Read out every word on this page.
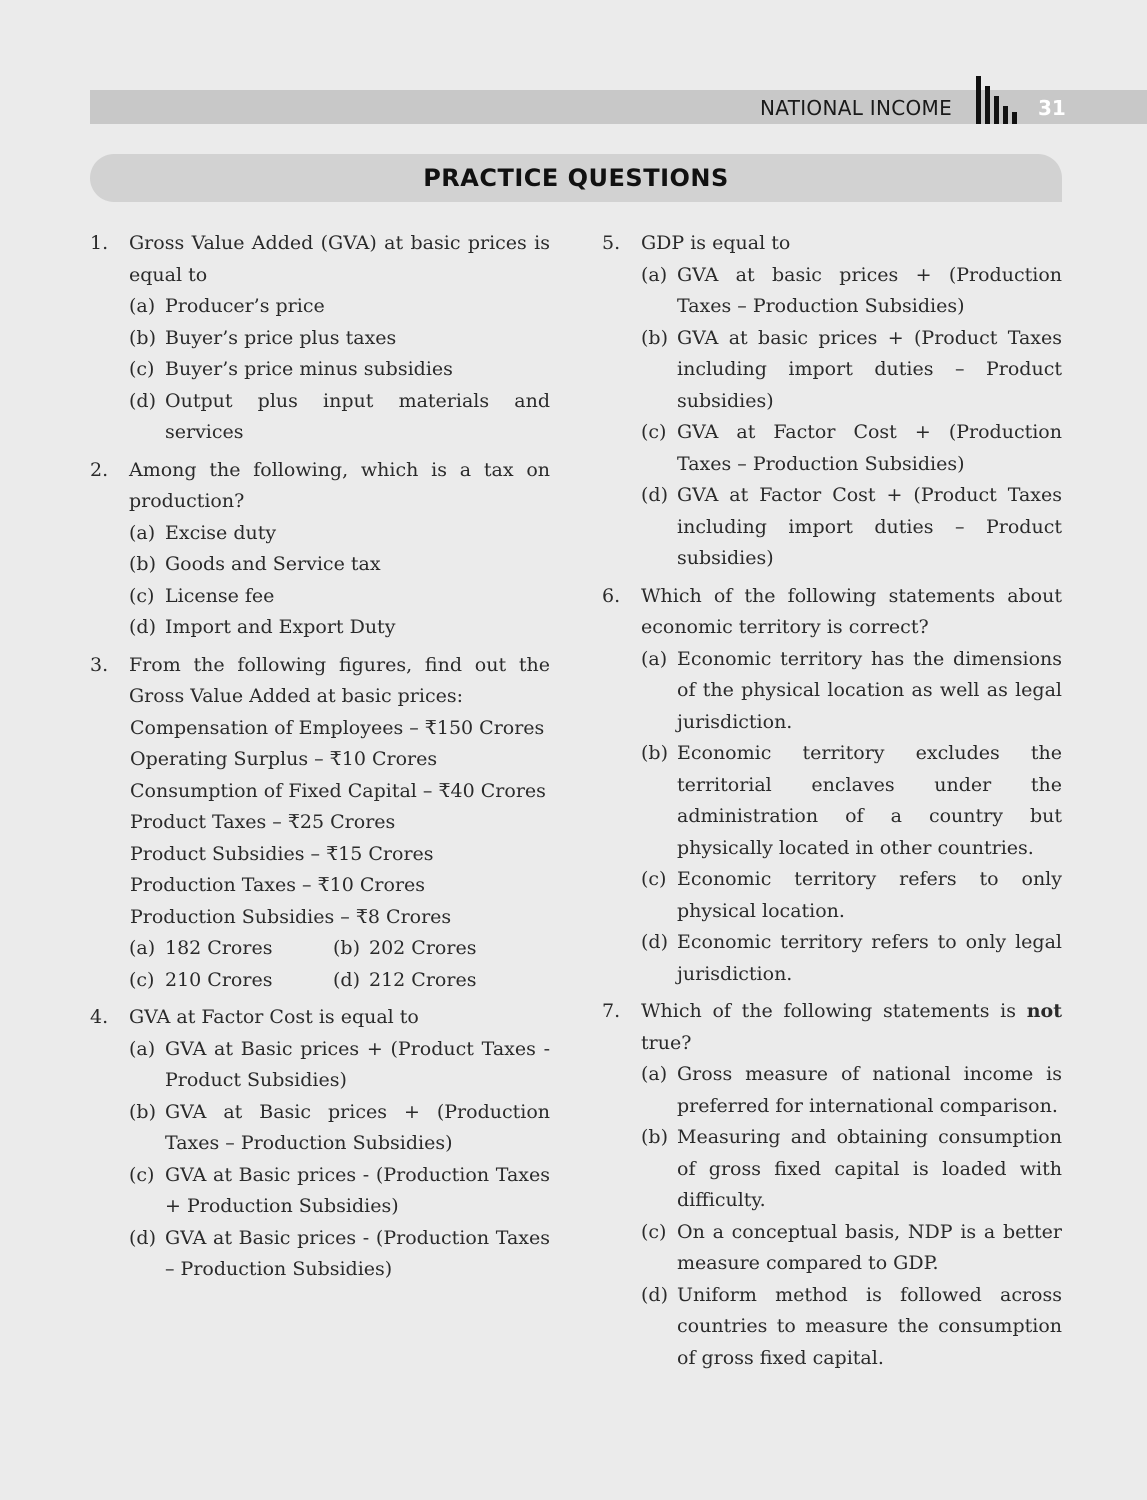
NATIONAL INCOME	31
PRACTICE QUESTIONS
1.	Gross Value Added (GVA) at basic prices is equal to
(a) Producer’s price
(b) Buyer’s price plus taxes
(c) Buyer’s price minus subsidies
(d) Output plus input materials and services
2.	Among the following, which is a tax on production?
(a) Excise duty
(b) Goods and Service tax
(c) License fee
(d) Import and Export Duty
3.	From the following figures, find out the Gross Value Added at basic prices:
Compensation of Employees – ₹150 Crores
Operating Surplus – ₹10 Crores
Consumption of Fixed Capital – ₹40 Crores
Product Taxes – ₹25 Crores
Product Subsidies – ₹15 Crores
Production Taxes – ₹10 Crores
Production Subsidies – ₹8 Crores
(a) 182 Crores	(b) 202 Crores
(c) 210 Crores	(d) 212 Crores
4.	GVA at Factor Cost is equal to
(a) GVA at Basic prices + (Product Taxes - Product Subsidies)
(b) GVA at Basic prices + (Production Taxes – Production Subsidies)
(c) GVA at Basic prices - (Production Taxes + Production Subsidies)
(d) GVA at Basic prices - (Production Taxes – Production Subsidies)
5.	GDP is equal to
(a) GVA at basic prices + (Production Taxes – Production Subsidies)
(b) GVA at basic prices + (Product Taxes including import duties – Product subsidies)
(c) GVA at Factor Cost + (Production Taxes – Production Subsidies)
(d) GVA at Factor Cost + (Product Taxes including import duties – Product subsidies)
6.	Which of the following statements about economic territory is correct?
(a) Economic territory has the dimensions of the physical location as well as legal jurisdiction.
(b) Economic territory excludes the territorial enclaves under the administration of a country but physically located in other countries.
(c) Economic territory refers to only physical location.
(d) Economic territory refers to only legal jurisdiction.
7.	Which of the following statements is not true?
(a) Gross measure of national income is preferred for international comparison.
(b) Measuring and obtaining consumption of gross fixed capital is loaded with difficulty.
(c) On a conceptual basis, NDP is a better measure compared to GDP.
(d) Uniform method is followed across countries to measure the consumption of gross fixed capital.
